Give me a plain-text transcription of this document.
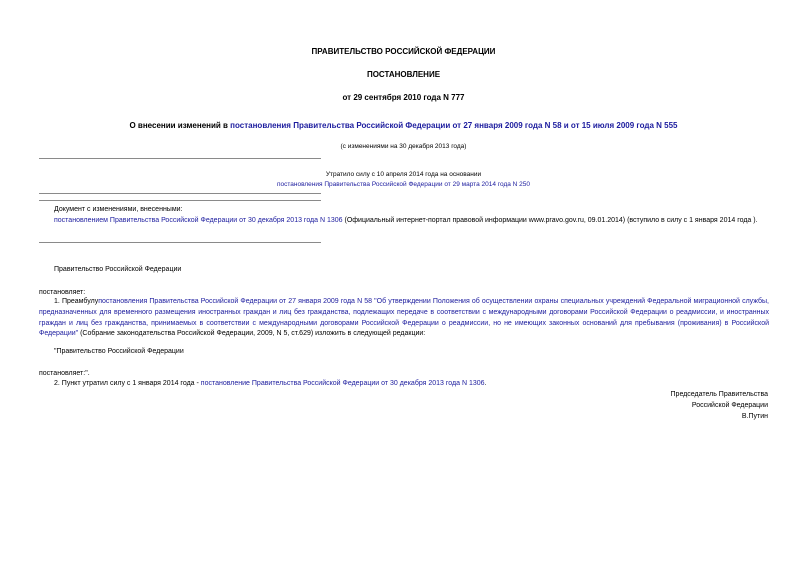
ПРАВИТЕЛЬСТВО РОССИЙСКОЙ ФЕДЕРАЦИИ
ПОСТАНОВЛЕНИЕ
от 29 сентября 2010 года N 777
О внесении изменений в постановления Правительства Российской Федерации от 27 января 2009 года N 58 и от 15 июля 2009 года N 555
(с изменениями на 30 декабря 2013 года)
Утратило силу с 10 апреля 2014 года на основании
постановления Правительства Российской Федерации от 29 марта 2014 года N 250
Документ с изменениями, внесенными:
постановлением Правительства Российской Федерации от 30 декабря 2013 года N 1306 (Официальный интернет-портал правовой информации www.pravo.gov.ru, 09.01.2014) (вступило в силу с 1 января 2014 года ).
Правительство Российской Федерации
постановляет:
1. Преамбулупостановления Правительства Российской Федерации от 27 января 2009 года N 58 "Об утверждении Положения об осуществлении охраны специальных учреждений Федеральной миграционной службы, предназначенных для временного размещения иностранных граждан и лиц без гражданства, подлежащих передаче в соответствии с международными договорами Российской Федерации о реадмиссии, и иностранных граждан и лиц без гражданства, принимаемых в соответствии с международными договорами Российской Федерации о реадмиссии, но не имеющих законных оснований для пребывания (проживания) в Российской Федерации" (Собрание законодательства Российской Федерации, 2009, N 5, ст.629) изложить в следующей редакции:
"Правительство Российской Федерации
постановляет:".
2. Пункт утратил силу с 1 января 2014 года - постановление Правительства Российской Федерации от 30 декабря 2013 года N 1306.
Председатель Правительства
Российской Федерации
В.Путин
